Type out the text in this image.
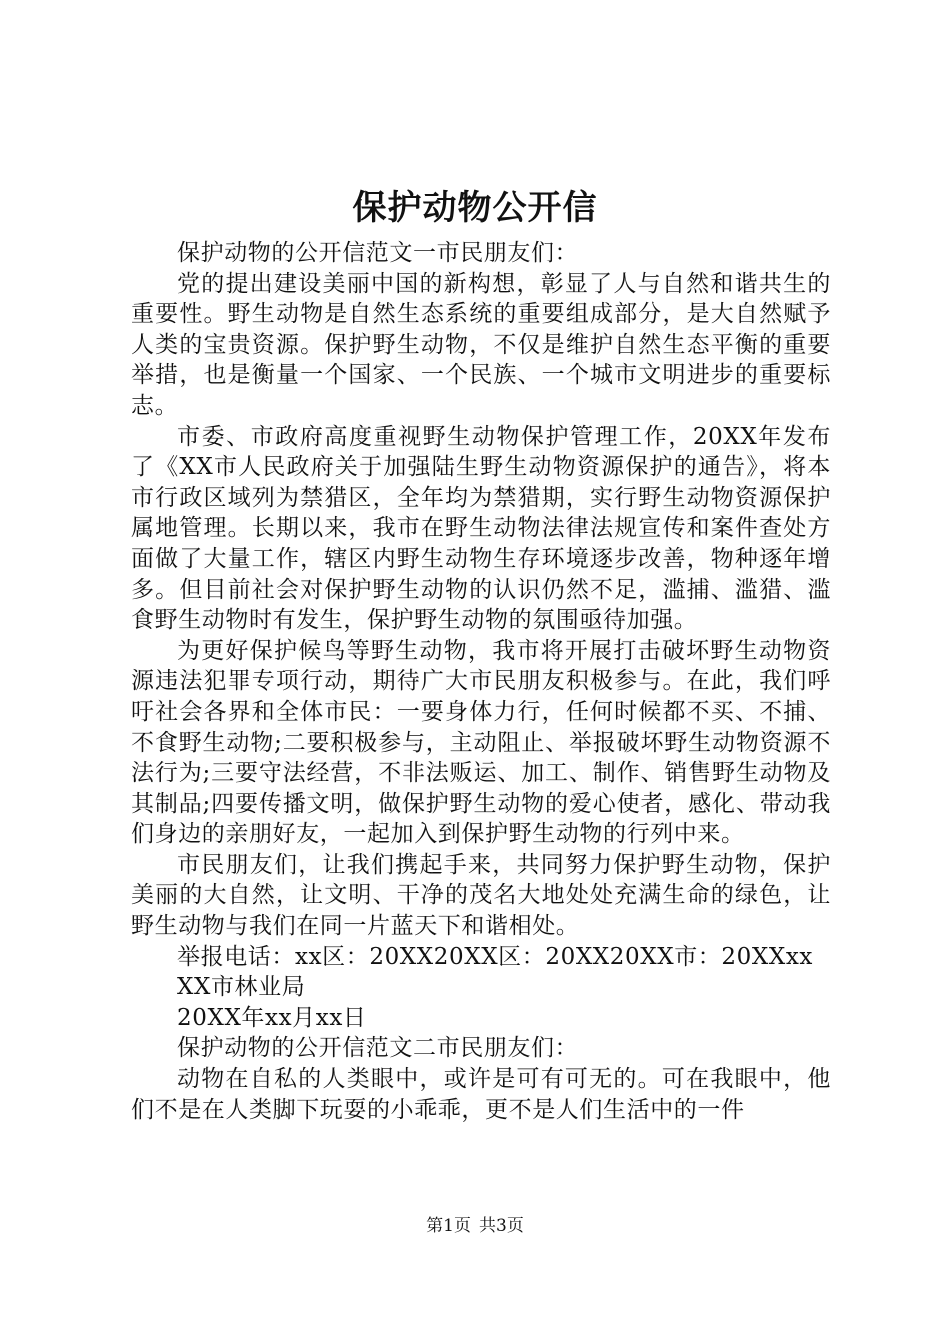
保护动物公开信

保护动物的公开信范文一市民朋友们：

党的提出建设美丽中国的新构想，彰显了人与自然和谐共生的重要性。野生动物是自然生态系统的重要组成部分，是大自然赋予人类的宝贵资源。保护野生动物，不仅是维护自然生态平衡的重要举措，也是衡量一个国家、一个民族、一个城市文明进步的重要标志。

市委、市政府高度重视野生动物保护管理工作，20XX年发布了《XX市人民政府关于加强陆生野生动物资源保护的通告》，将本市行政区域列为禁猎区，全年均为禁猎期，实行野生动物资源保护属地管理。长期以来，我市在野生动物法律法规宣传和案件查处方面做了大量工作，辖区内野生动物生存环境逐步改善，物种逐年增多。但目前社会对保护野生动物的认识仍然不足，滥捕、滥猎、滥食野生动物时有发生，保护野生动物的氛围亟待加强。

为更好保护候鸟等野生动物，我市将开展打击破坏野生动物资源违法犯罪专项行动，期待广大市民朋友积极参与。在此，我们呼吁社会各界和全体市民：一要身体力行，任何时候都不买、不捕、不食野生动物;二要积极参与，主动阻止、举报破坏野生动物资源不法行为;三要守法经营，不非法贩运、加工、制作、销售野生动物及其制品;四要传播文明，做保护野生动物的爱心使者，感化、带动我们身边的亲朋好友，一起加入到保护野生动物的行列中来。

市民朋友们，让我们携起手来，共同努力保护野生动物，保护美丽的大自然，让文明、干净的茂名大地处处充满生命的绿色，让野生动物与我们在同一片蓝天下和谐相处。

举报电话：xx区：20XX20XX区：20XX20XX市：20XXxx

XX市林业局

20XX年xx月xx日

保护动物的公开信范文二市民朋友们：

动物在自私的人类眼中，或许是可有可无的。可在我眼中，他们不是在人类脚下玩耍的小乖乖，更不是人们生活中的一件

第1页 共3页
